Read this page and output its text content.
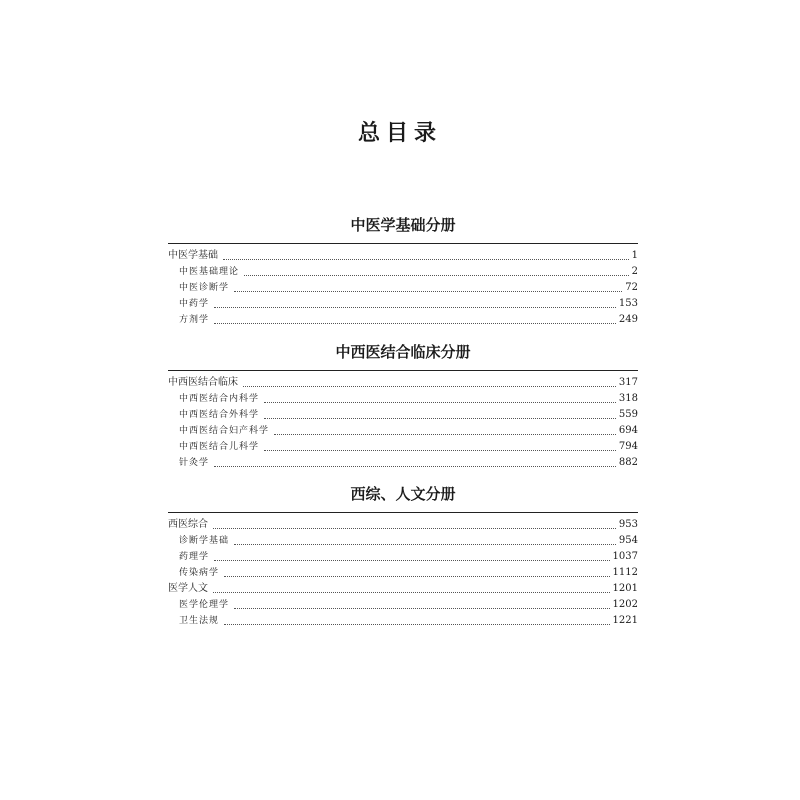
总目录
中医学基础分册
中医学基础	1
中医基础理论	2
中医诊断学	72
中药学	153
方剂学	249
中西医结合临床分册
中西医结合临床	317
中西医结合内科学	318
中西医结合外科学	559
中西医结合妇产科学	694
中西医结合儿科学	794
针灸学	882
西综、人文分册
西医综合	953
诊断学基础	954
药理学	1037
传染病学	1112
医学人文	1201
医学伦理学	1202
卫生法规	1221
